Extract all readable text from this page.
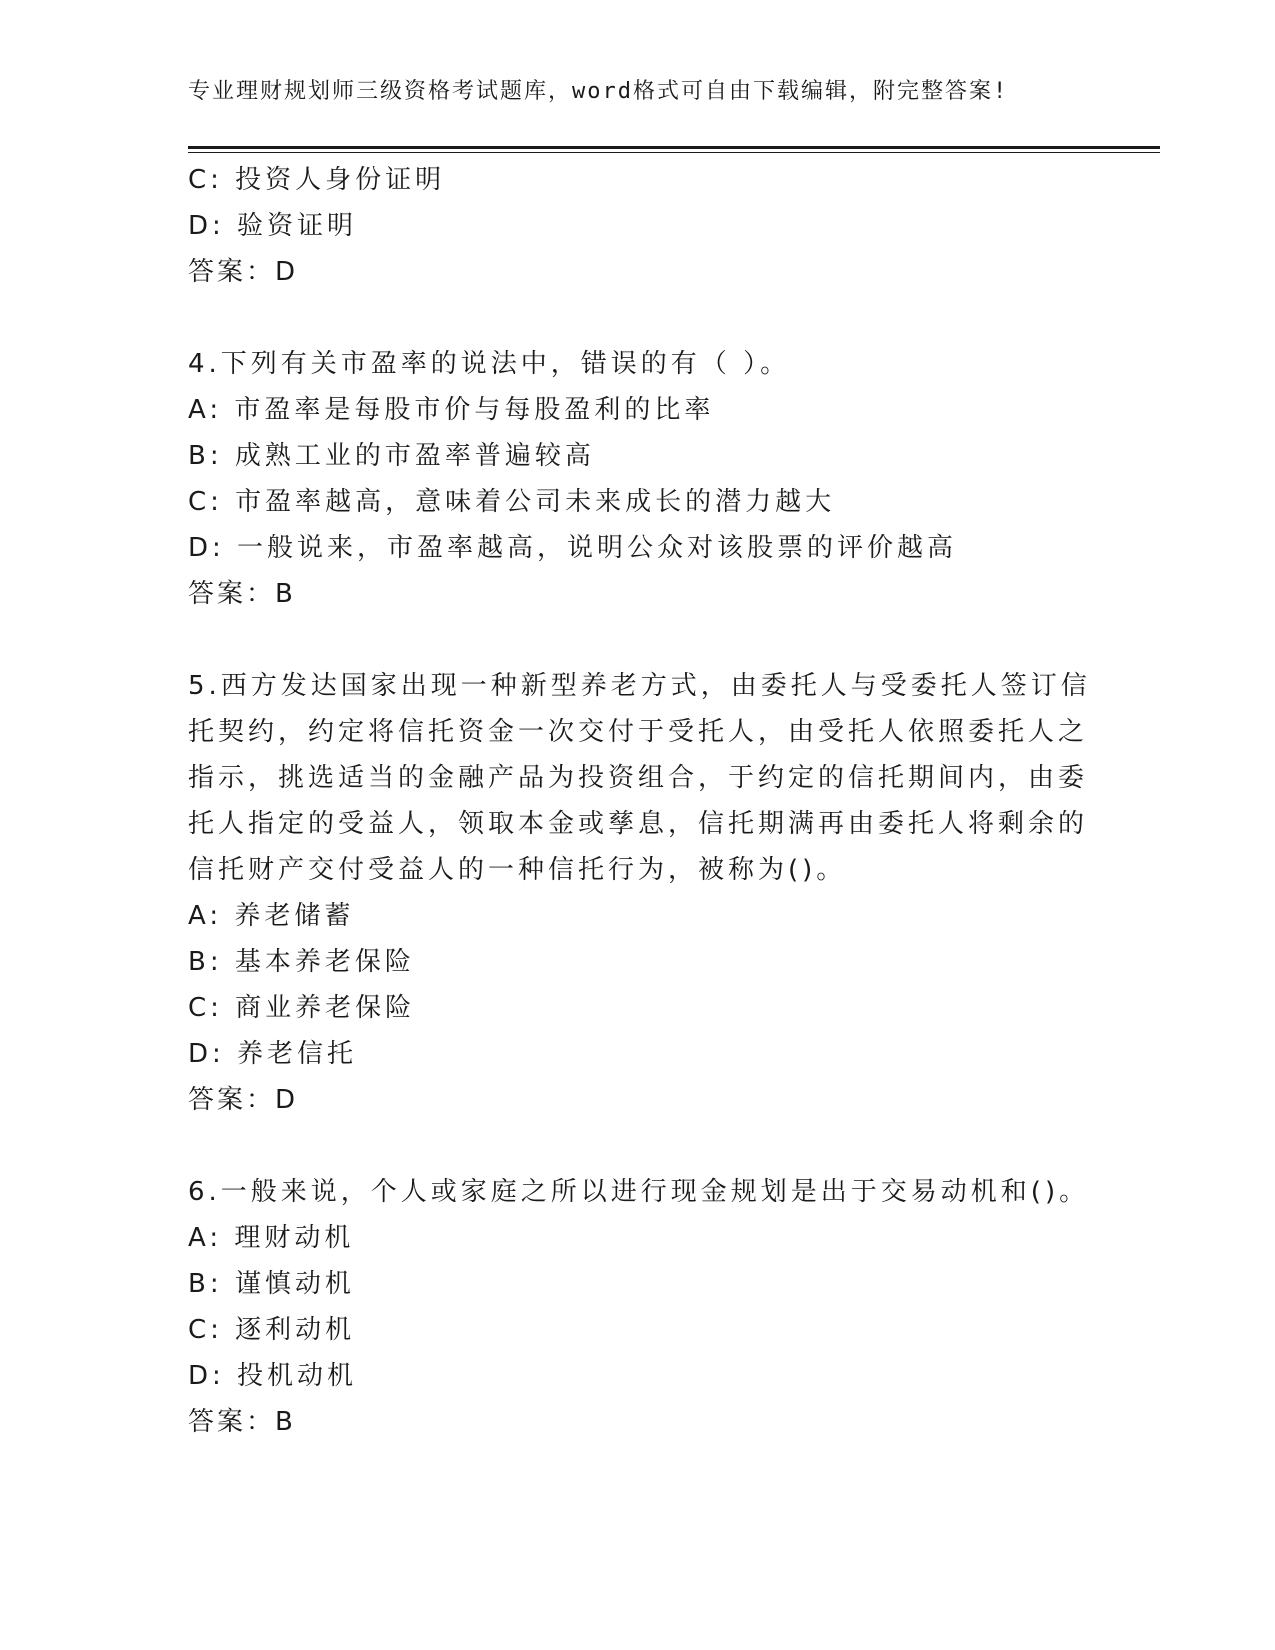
专业理财规划师三级资格考试题库，word格式可自由下载编辑，附完整答案!
C: 投资人身份证明
D: 验资证明
答案：D
4.下列有关市盈率的说法中，错误的有（ ）。
A: 市盈率是每股市价与每股盈利的比率
B: 成熟工业的市盈率普遍较高
C: 市盈率越高，意味着公司未来成长的潜力越大
D: 一般说来，市盈率越高，说明公众对该股票的评价越高
答案：B
5.西方发达国家出现一种新型养老方式，由委托人与受委托人签订信
托契约，约定将信托资金一次交付于受托人，由受托人依照委托人之
指示，挑选适当的金融产品为投资组合，于约定的信托期间内，由委
托人指定的受益人，领取本金或孳息，信托期满再由委托人将剩余的
信托财产交付受益人的一种信托行为，被称为()。
A: 养老储蓄
B: 基本养老保险
C: 商业养老保险
D: 养老信托
答案：D
6.一般来说，个人或家庭之所以进行现金规划是出于交易动机和()。
A: 理财动机
B: 谨慎动机
C: 逐利动机
D: 投机动机
答案：B
